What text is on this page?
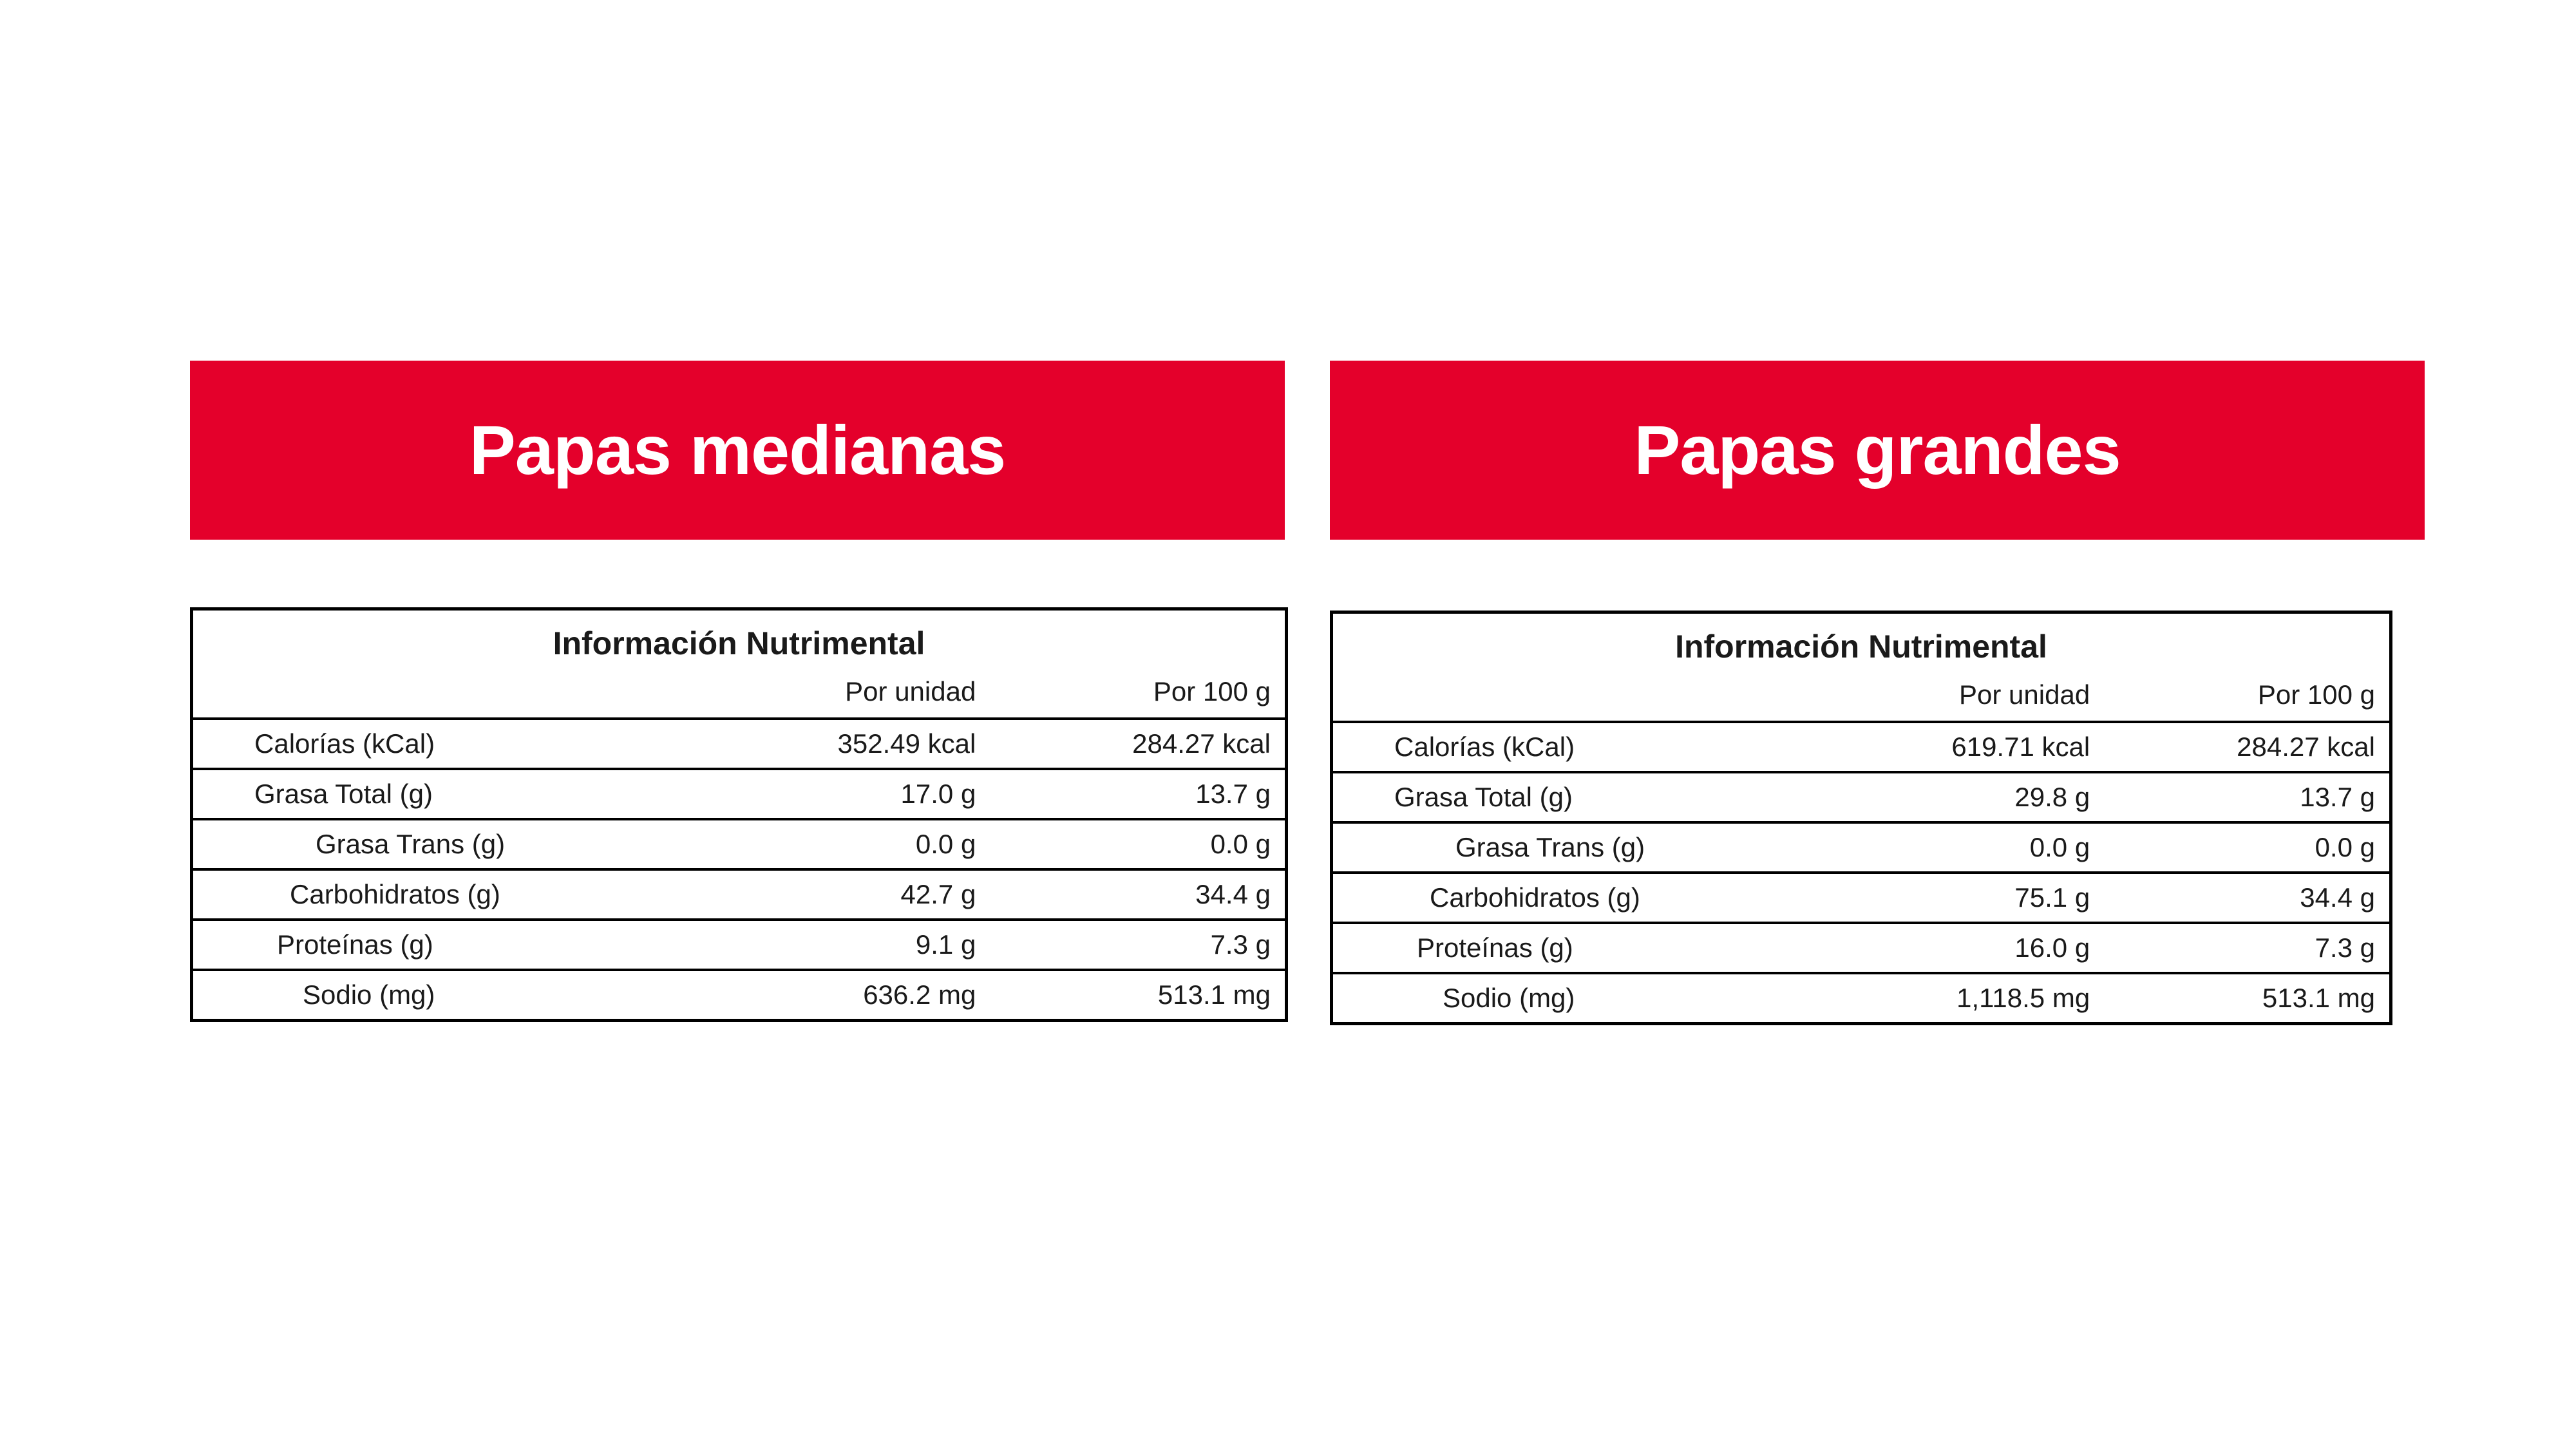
Papas medianas
Información Nutrimental
	Por unidad	Por 100 g
Calorías (kCal)	352.49 kcal	284.27 kcal
Grasa Total (g)	17.0 g	13.7 g
Grasa Trans (g)	0.0 g	0.0 g
Carbohidratos (g)	42.7 g	34.4 g
Proteínas (g)	9.1 g	7.3 g
Sodio (mg)	636.2 mg	513.1 mg
Papas grandes
Información Nutrimental
	Por unidad	Por 100 g
Calorías (kCal)	619.71 kcal	284.27 kcal
Grasa Total (g)	29.8 g	13.7 g
Grasa Trans (g)	0.0 g	0.0 g
Carbohidratos (g)	75.1 g	34.4 g
Proteínas (g)	16.0 g	7.3 g
Sodio (mg)	1,118.5 mg	513.1 mg
